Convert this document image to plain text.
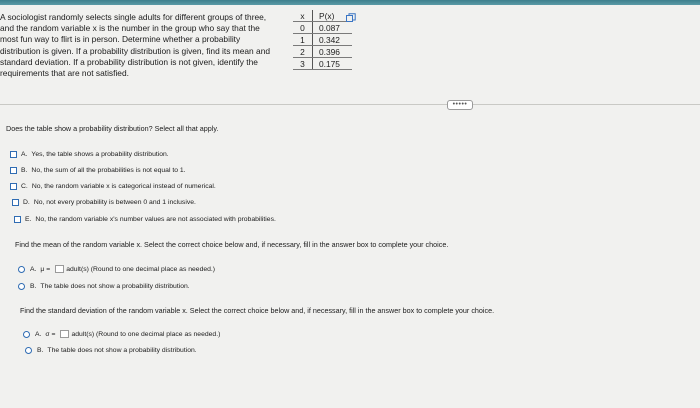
A sociologist randomly selects single adults for different groups of three,
and the random variable x is the number in the group who say that the
most fun way to flirt is in person. Determine whether a probability
distribution is given. If a probability distribution is given, find its mean and
standard deviation. If a probability distribution is not given, identify the
requirements that are not satisfied.
x	P(x)
0	0.087
1	0.342
2	0.396
3	0.175
•••••
Does the table show a probability distribution? Select all that apply.
A. Yes, the table shows a probability distribution.
B. No, the sum of all the probabilities is not equal to 1.
C. No, the random variable x is categorical instead of numerical.
D. No, not every probability is between 0 and 1 inclusive.
E. No, the random variable x's number values are not associated with probabilities.
Find the mean of the random variable x. Select the correct choice below and, if necessary, fill in the answer box to complete your choice.
A. μ = adult(s) (Round to one decimal place as needed.)
B. The table does not show a probability distribution.
Find the standard deviation of the random variable x. Select the correct choice below and, if necessary, fill in the answer box to complete your choice.
A. σ = adult(s) (Round to one decimal place as needed.)
B. The table does not show a probability distribution.
